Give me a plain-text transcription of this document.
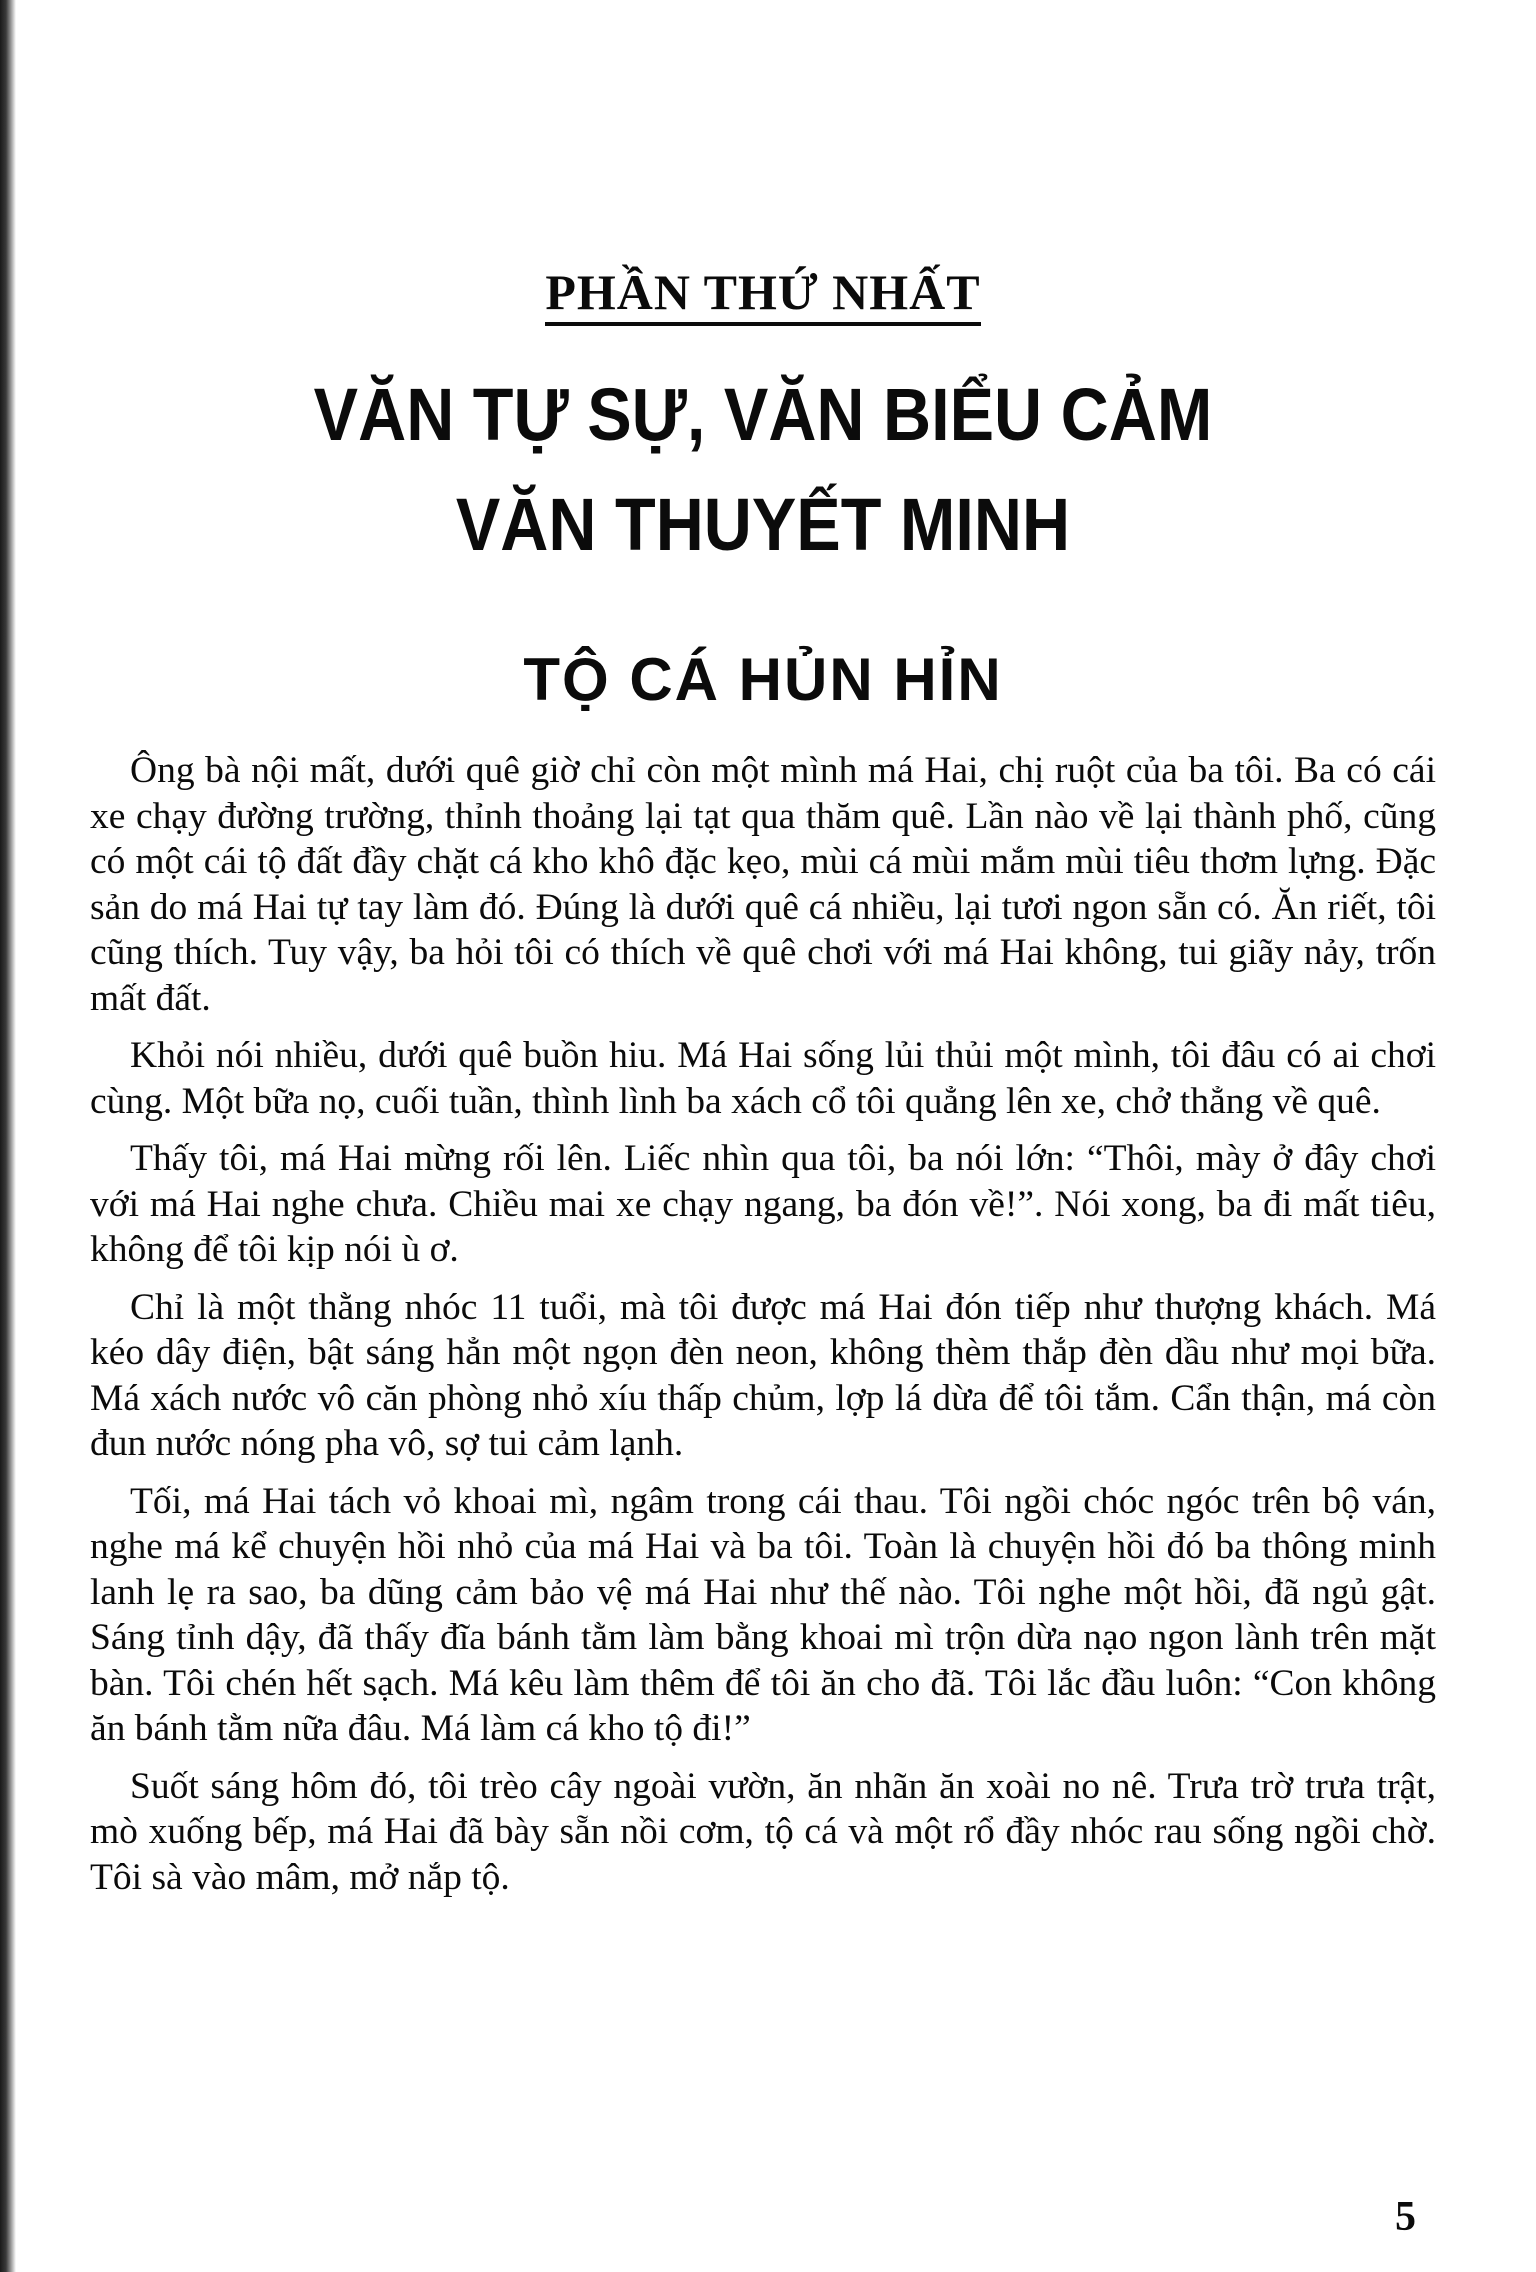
PHẦN THỨ NHẤT
VĂN TỰ SỰ, VĂN BIỂU CẢM
VĂN THUYẾT MINH
TỘ CÁ HỦN HỈN

Ông bà nội mất, dưới quê giờ chỉ còn một mình má Hai, chị ruột của ba tôi. Ba có cái xe chạy đường trường, thỉnh thoảng lại tạt qua thăm quê. Lần nào về lại thành phố, cũng có một cái tộ đất đầy chặt cá kho khô đặc kẹo, mùi cá mùi mắm mùi tiêu thơm lựng. Đặc sản do má Hai tự tay làm đó. Đúng là dưới quê cá nhiều, lại tươi ngon sẵn có. Ăn riết, tôi cũng thích. Tuy vậy, ba hỏi tôi có thích về quê chơi với má Hai không, tui giãy nảy, trốn mất đất.

Khỏi nói nhiều, dưới quê buồn hiu. Má Hai sống lủi thủi một mình, tôi đâu có ai chơi cùng. Một bữa nọ, cuối tuần, thình lình ba xách cổ tôi quẳng lên xe, chở thẳng về quê.

Thấy tôi, má Hai mừng rối lên. Liếc nhìn qua tôi, ba nói lớn: “Thôi, mày ở đây chơi với má Hai nghe chưa. Chiều mai xe chạy ngang, ba đón về!”. Nói xong, ba đi mất tiêu, không để tôi kịp nói ù ơ.

Chỉ là một thằng nhóc 11 tuổi, mà tôi được má Hai đón tiếp như thượng khách. Má kéo dây điện, bật sáng hẳn một ngọn đèn neon, không thèm thắp đèn dầu như mọi bữa. Má xách nước vô căn phòng nhỏ xíu thấp chủm, lợp lá dừa để tôi tắm. Cẩn thận, má còn đun nước nóng pha vô, sợ tui cảm lạnh.

Tối, má Hai tách vỏ khoai mì, ngâm trong cái thau. Tôi ngồi chóc ngóc trên bộ ván, nghe má kể chuyện hồi nhỏ của má Hai và ba tôi. Toàn là chuyện hồi đó ba thông minh lanh lẹ ra sao, ba dũng cảm bảo vệ má Hai như thế nào. Tôi nghe một hồi, đã ngủ gật. Sáng tỉnh dậy, đã thấy đĩa bánh tằm làm bằng khoai mì trộn dừa nạo ngon lành trên mặt bàn. Tôi chén hết sạch. Má kêu làm thêm để tôi ăn cho đã. Tôi lắc đầu luôn: “Con không ăn bánh tằm nữa đâu. Má làm cá kho tộ đi!”

Suốt sáng hôm đó, tôi trèo cây ngoài vườn, ăn nhãn ăn xoài no nê. Trưa trờ trưa trật, mò xuống bếp, má Hai đã bày sẵn nồi cơm, tộ cá và một rổ đầy nhóc rau sống ngồi chờ. Tôi sà vào mâm, mở nắp tộ.

5
